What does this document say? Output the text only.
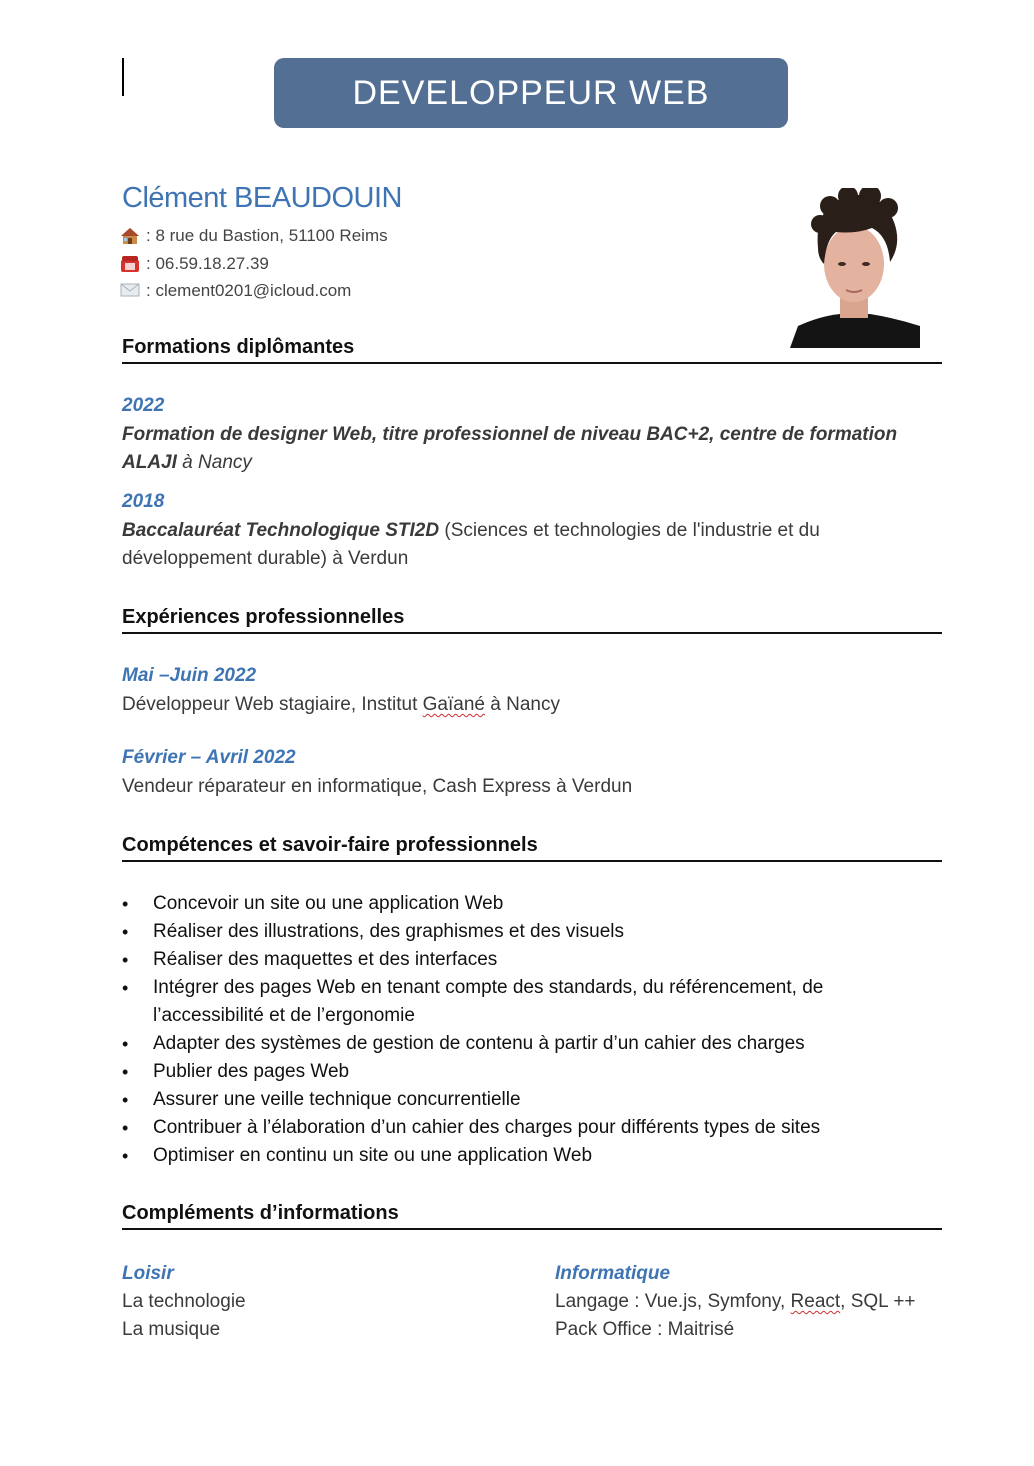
DEVELOPPEUR WEB
Clément BEAUDOUIN
: 8 rue du Bastion, 51100 Reims
: 06.59.18.27.39
: clement0201@icloud.com
Formations diplômantes
2022
Formation de designer Web, titre professionnel de niveau BAC+2, centre de formation ALAJI à Nancy
2018
Baccalauréat Technologique STI2D (Sciences et technologies de l'industrie et du développement durable) à Verdun
Expériences professionnelles
Mai –Juin 2022
Développeur Web stagiaire, Institut Gaïané à Nancy
Février – Avril 2022
Vendeur réparateur en informatique, Cash Express à Verdun
Compétences et savoir-faire professionnels
• Concevoir un site ou une application Web
• Réaliser des illustrations, des graphismes et des visuels
• Réaliser des maquettes et des interfaces
• Intégrer des pages Web en tenant compte des standards, du référencement, de l’accessibilité et de l’ergonomie
• Adapter des systèmes de gestion de contenu à partir d’un cahier des charges
• Publier des pages Web
• Assurer une veille technique concurrentielle
• Contribuer à l’élaboration d’un cahier des charges pour différents types de sites
• Optimiser en continu un site ou une application Web
Compléments d’informations
Loisir
La technologie
La musique
Informatique
Langage : Vue.js, Symfony, React, SQL ++
Pack Office : Maitrisé
